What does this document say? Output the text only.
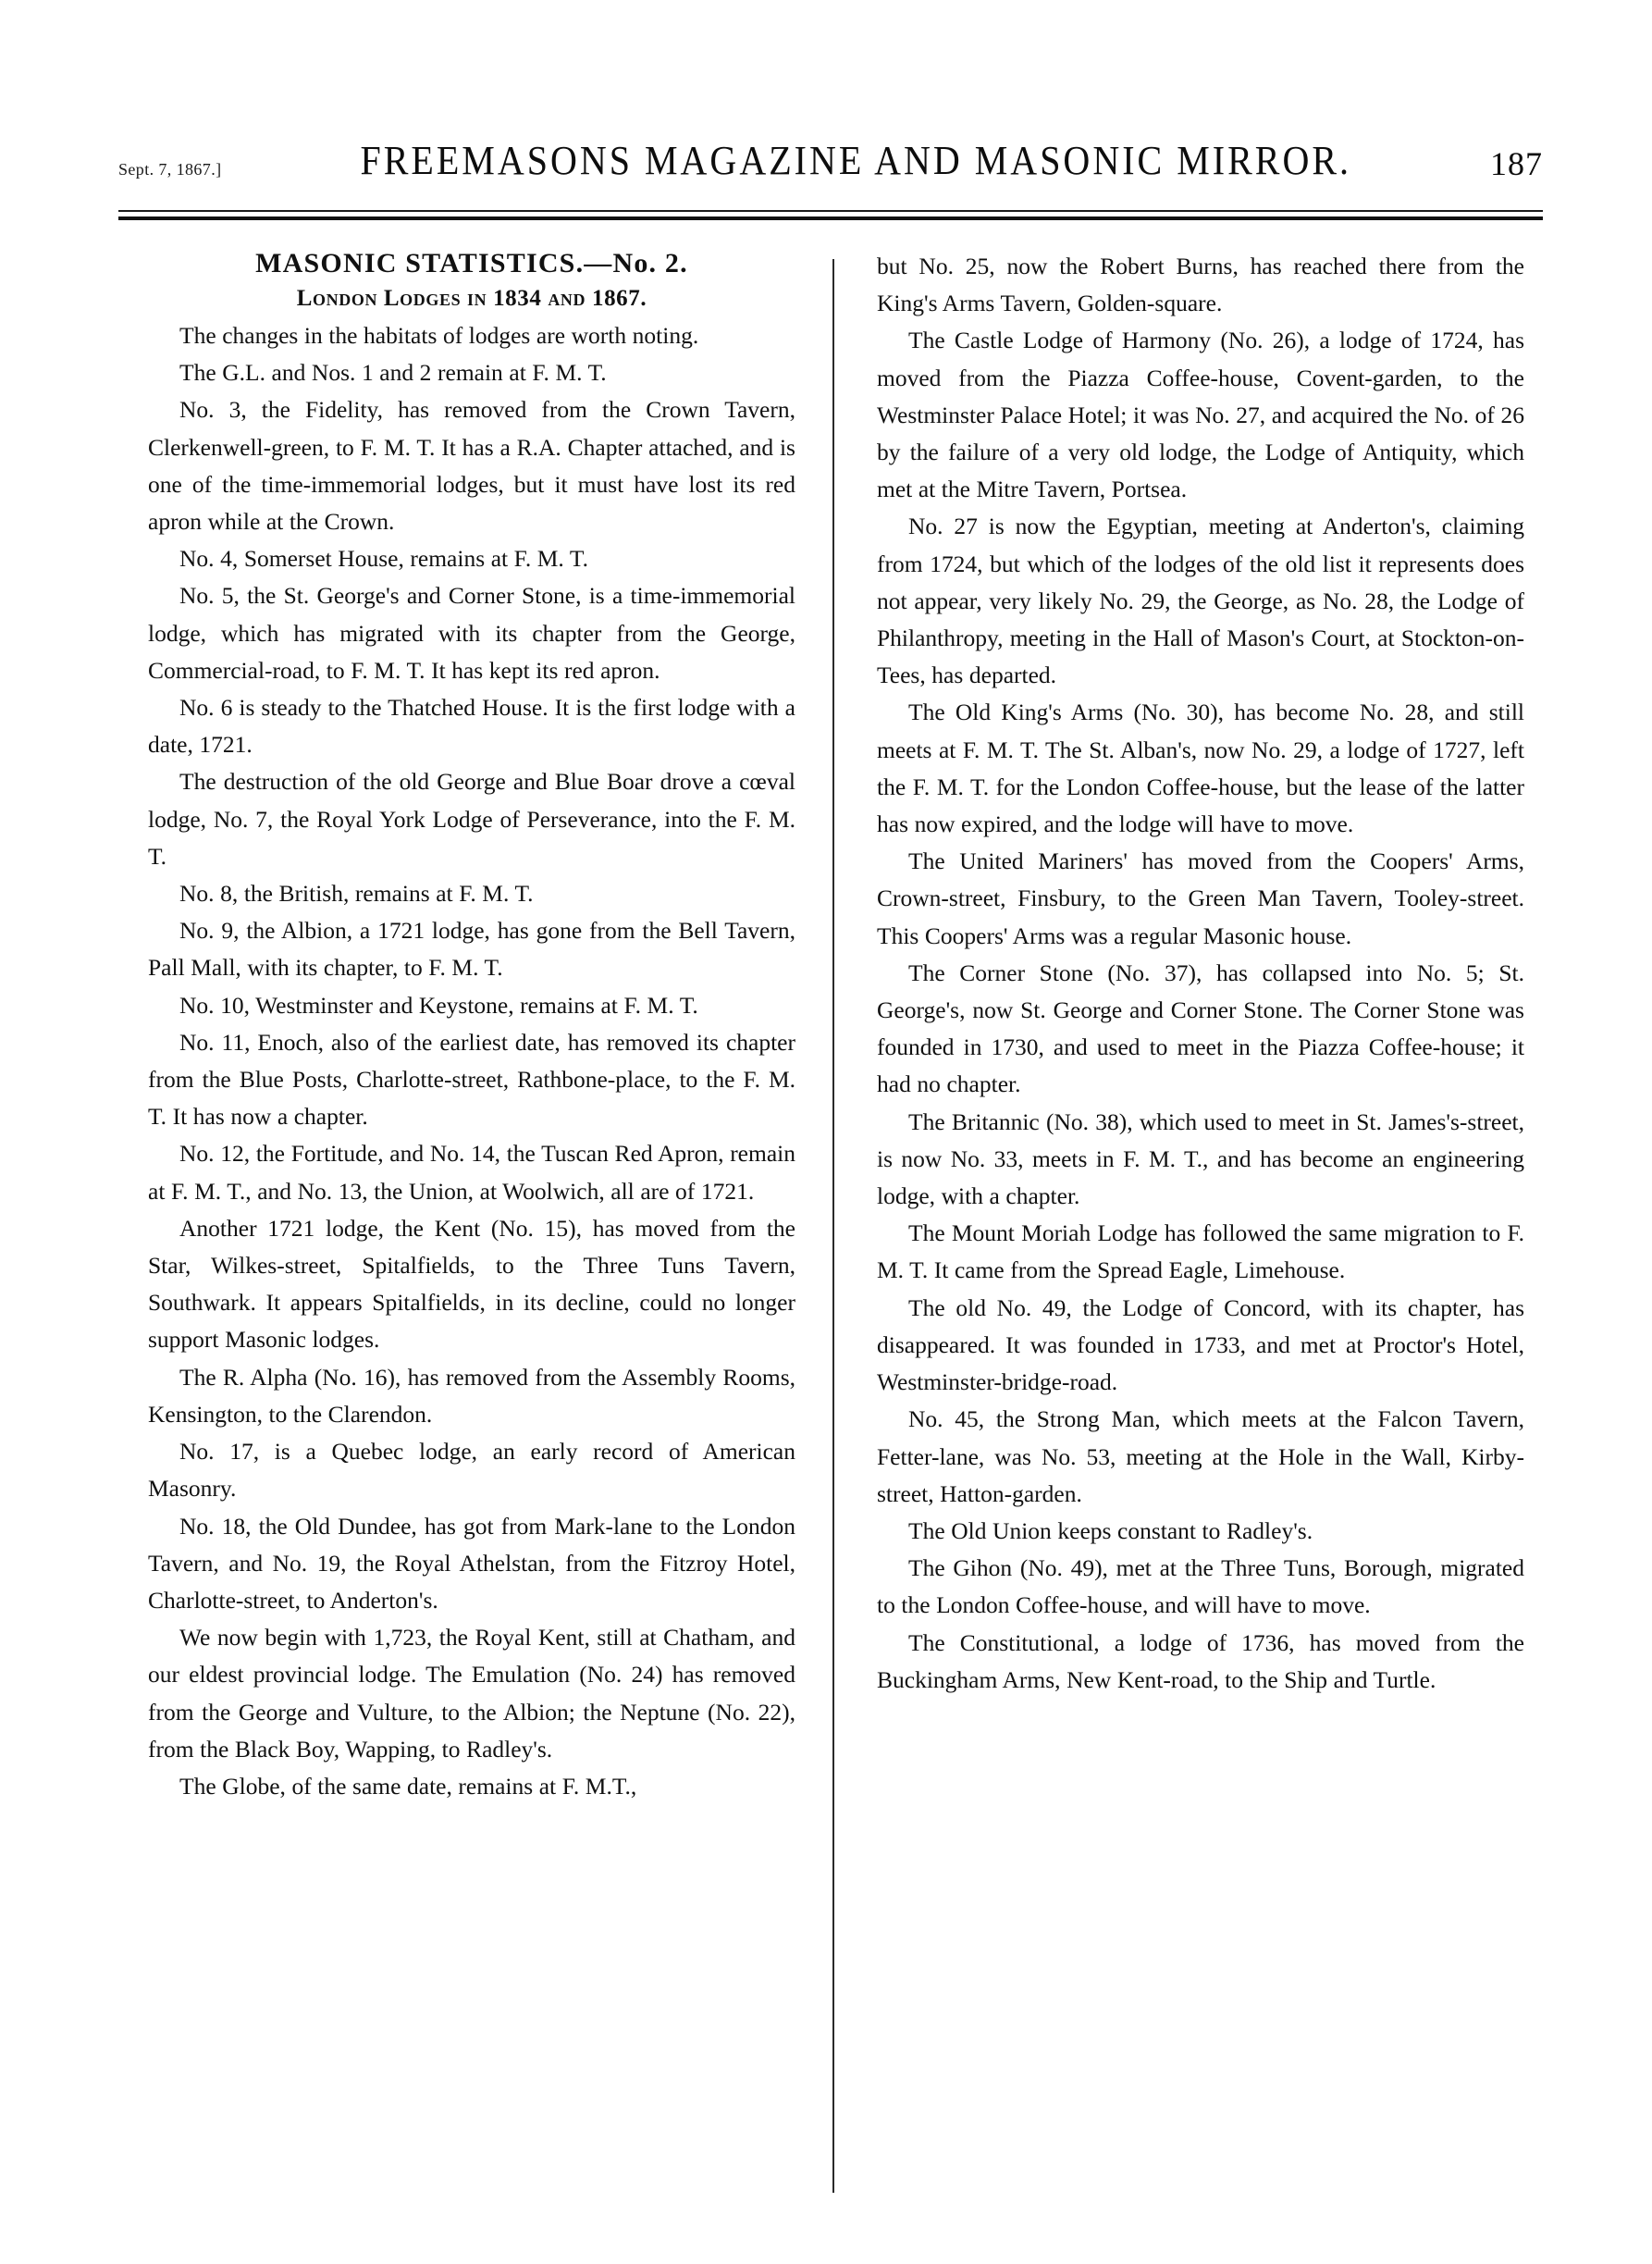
Sept. 7, 1867.]	FREEMASONS MAGAZINE AND MASONIC MIRROR.	187
MASONIC STATISTICS.—No. 2.
London Lodges in 1834 and 1867.

The changes in the habitats of lodges are worth noting.

The G.L. and Nos. 1 and 2 remain at F. M. T.

No. 3, the Fidelity, has removed from the Crown Tavern, Clerkenwell-green, to F. M. T. It has a R.A. Chapter attached, and is one of the time-immemorial lodges, but it must have lost its red apron while at the Crown.

No. 4, Somerset House, remains at F. M. T.

No. 5, the St. George's and Corner Stone, is a time-immemorial lodge, which has migrated with its chapter from the George, Commercial-road, to F. M. T. It has kept its red apron.

No. 6 is steady to the Thatched House. It is the first lodge with a date, 1721.

The destruction of the old George and Blue Boar drove a cœval lodge, No. 7, the Royal York Lodge of Perseverance, into the F. M. T.

No. 8, the British, remains at F. M. T.

No. 9, the Albion, a 1721 lodge, has gone from the Bell Tavern, Pall Mall, with its chapter, to F. M. T.

No. 10, Westminster and Keystone, remains at F. M. T.

No. 11, Enoch, also of the earliest date, has removed its chapter from the Blue Posts, Charlotte-street, Rathbone-place, to the F. M. T. It has now a chapter.

No. 12, the Fortitude, and No. 14, the Tuscan Red Apron, remain at F. M. T., and No. 13, the Union, at Woolwich, all are of 1721.

Another 1721 lodge, the Kent (No. 15), has moved from the Star, Wilkes-street, Spitalfields, to the Three Tuns Tavern, Southwark. It appears Spitalfields, in its decline, could no longer support Masonic lodges.

The R. Alpha (No. 16), has removed from the Assembly Rooms, Kensington, to the Clarendon.

No. 17, is a Quebec lodge, an early record of American Masonry.

No. 18, the Old Dundee, has got from Mark-lane to the London Tavern, and No. 19, the Royal Athelstan, from the Fitzroy Hotel, Charlotte-street, to Anderton's.

We now begin with 1,723, the Royal Kent, still at Chatham, and our eldest provincial lodge. The Emulation (No. 24) has removed from the George and Vulture, to the Albion; the Neptune (No. 22), from the Black Boy, Wapping, to Radley's.

The Globe, of the same date, remains at F. M.T.,

but No. 25, now the Robert Burns, has reached there from the King's Arms Tavern, Golden-square.

The Castle Lodge of Harmony (No. 26), a lodge of 1724, has moved from the Piazza Coffee-house, Covent-garden, to the Westminster Palace Hotel; it was No. 27, and acquired the No. of 26 by the failure of a very old lodge, the Lodge of Antiquity, which met at the Mitre Tavern, Portsea.

No. 27 is now the Egyptian, meeting at Anderton's, claiming from 1724, but which of the lodges of the old list it represents does not appear, very likely No. 29, the George, as No. 28, the Lodge of Philanthropy, meeting in the Hall of Mason's Court, at Stockton-on-Tees, has departed.

The Old King's Arms (No. 30), has become No. 28, and still meets at F. M. T. The St. Alban's, now No. 29, a lodge of 1727, left the F. M. T. for the London Coffee-house, but the lease of the latter has now expired, and the lodge will have to move.

The United Mariners' has moved from the Coopers' Arms, Crown-street, Finsbury, to the Green Man Tavern, Tooley-street. This Coopers' Arms was a regular Masonic house.

The Corner Stone (No. 37), has collapsed into No. 5; St. George's, now St. George and Corner Stone. The Corner Stone was founded in 1730, and used to meet in the Piazza Coffee-house; it had no chapter.

The Britannic (No. 38), which used to meet in St. James's-street, is now No. 33, meets in F. M. T., and has become an engineering lodge, with a chapter.

The Mount Moriah Lodge has followed the same migration to F. M. T. It came from the Spread Eagle, Limehouse.

The old No. 49, the Lodge of Concord, with its chapter, has disappeared. It was founded in 1733, and met at Proctor's Hotel, Westminster-bridge-road.

No. 45, the Strong Man, which meets at the Falcon Tavern, Fetter-lane, was No. 53, meeting at the Hole in the Wall, Kirby-street, Hatton-garden.

The Old Union keeps constant to Radley's.

The Gihon (No. 49), met at the Three Tuns, Borough, migrated to the London Coffee-house, and will have to move.

The Constitutional, a lodge of 1736, has moved from the Buckingham Arms, New Kent-road, to the Ship and Turtle.
